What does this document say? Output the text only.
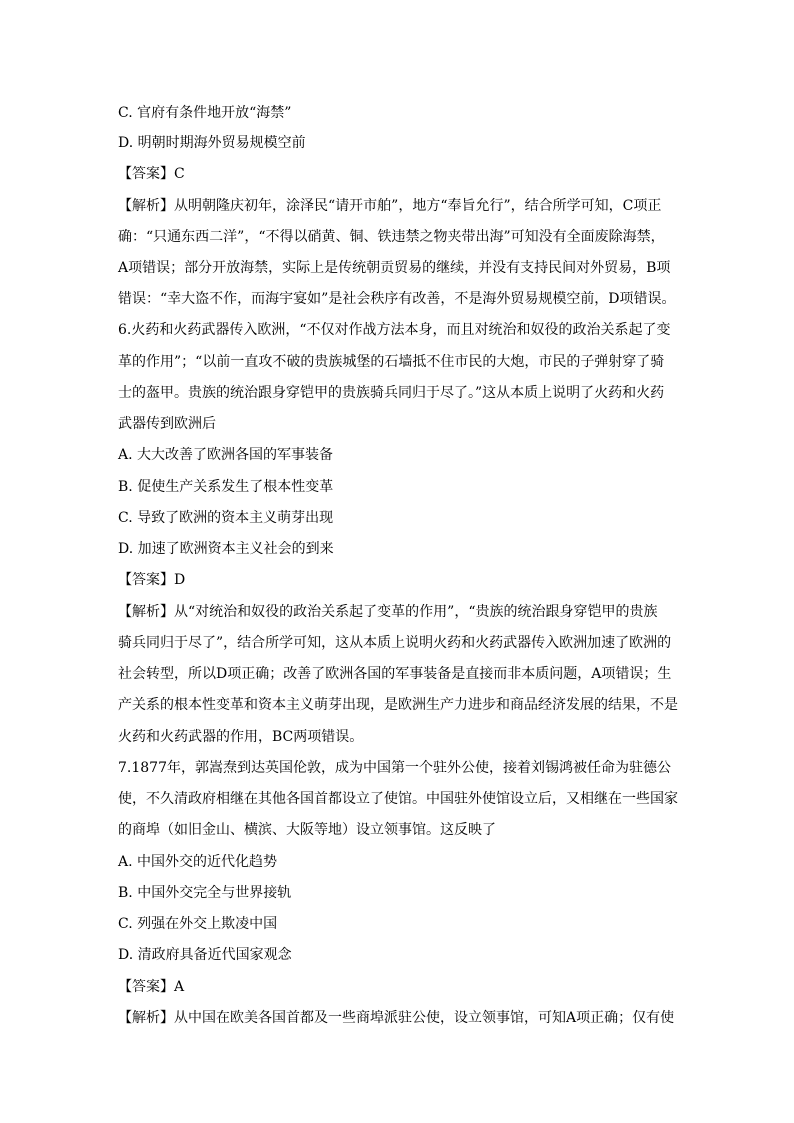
C. 官府有条件地开放“海禁”
D. 明朝时期海外贸易规模空前
【答案】C
【解析】从明朝隆庆初年，涂泽民“请开市舶”，地方“奉旨允行”，结合所学可知，C项正
确：“只通东西二洋”，“不得以硝黄、铜、铁违禁之物夹带出海”可知没有全面废除海禁，
A项错误；部分开放海禁，实际上是传统朝贡贸易的继续，并没有支持民间对外贸易，B项
错误：“幸大盗不作，而海宇宴如”是社会秩序有改善，不是海外贸易规模空前，D项错误。
6.火药和火药武器传入欧洲，“不仅对作战方法本身，而且对统治和奴役的政治关系起了变
革的作用”；“以前一直攻不破的贵族城堡的石墙抵不住市民的大炮，市民的子弹射穿了骑
士的盔甲。贵族的统治跟身穿铠甲的贵族骑兵同归于尽了。”这从本质上说明了火药和火药
武器传到欧洲后
A. 大大改善了欧洲各国的军事装备
B. 促使生产关系发生了根本性变革
C. 导致了欧洲的资本主义萌芽出现
D. 加速了欧洲资本主义社会的到来
【答案】D
【解析】从“对统治和奴役的政治关系起了变革的作用”，“贵族的统治跟身穿铠甲的贵族
骑兵同归于尽了”，结合所学可知，这从本质上说明火药和火药武器传入欧洲加速了欧洲的
社会转型，所以D项正确；改善了欧洲各国的军事装备是直接而非本质问题，A项错误；生
产关系的根本性变革和资本主义萌芽出现，是欧洲生产力进步和商品经济发展的结果，不是
火药和火药武器的作用，BC两项错误。
7.1877年，郭嵩焘到达英国伦敦，成为中国第一个驻外公使，接着刘锡鸿被任命为驻德公
使，不久清政府相继在其他各国首都设立了使馆。中国驻外使馆设立后，又相继在一些国家
的商埠（如旧金山、横滨、大阪等地）设立领事馆。这反映了
A. 中国外交的近代化趋势
B. 中国外交完全与世界接轨
C. 列强在外交上欺凌中国
D. 清政府具备近代国家观念
【答案】A
【解析】从中国在欧美各国首都及一些商埠派驻公使，设立领事馆，可知A项正确；仅有使
